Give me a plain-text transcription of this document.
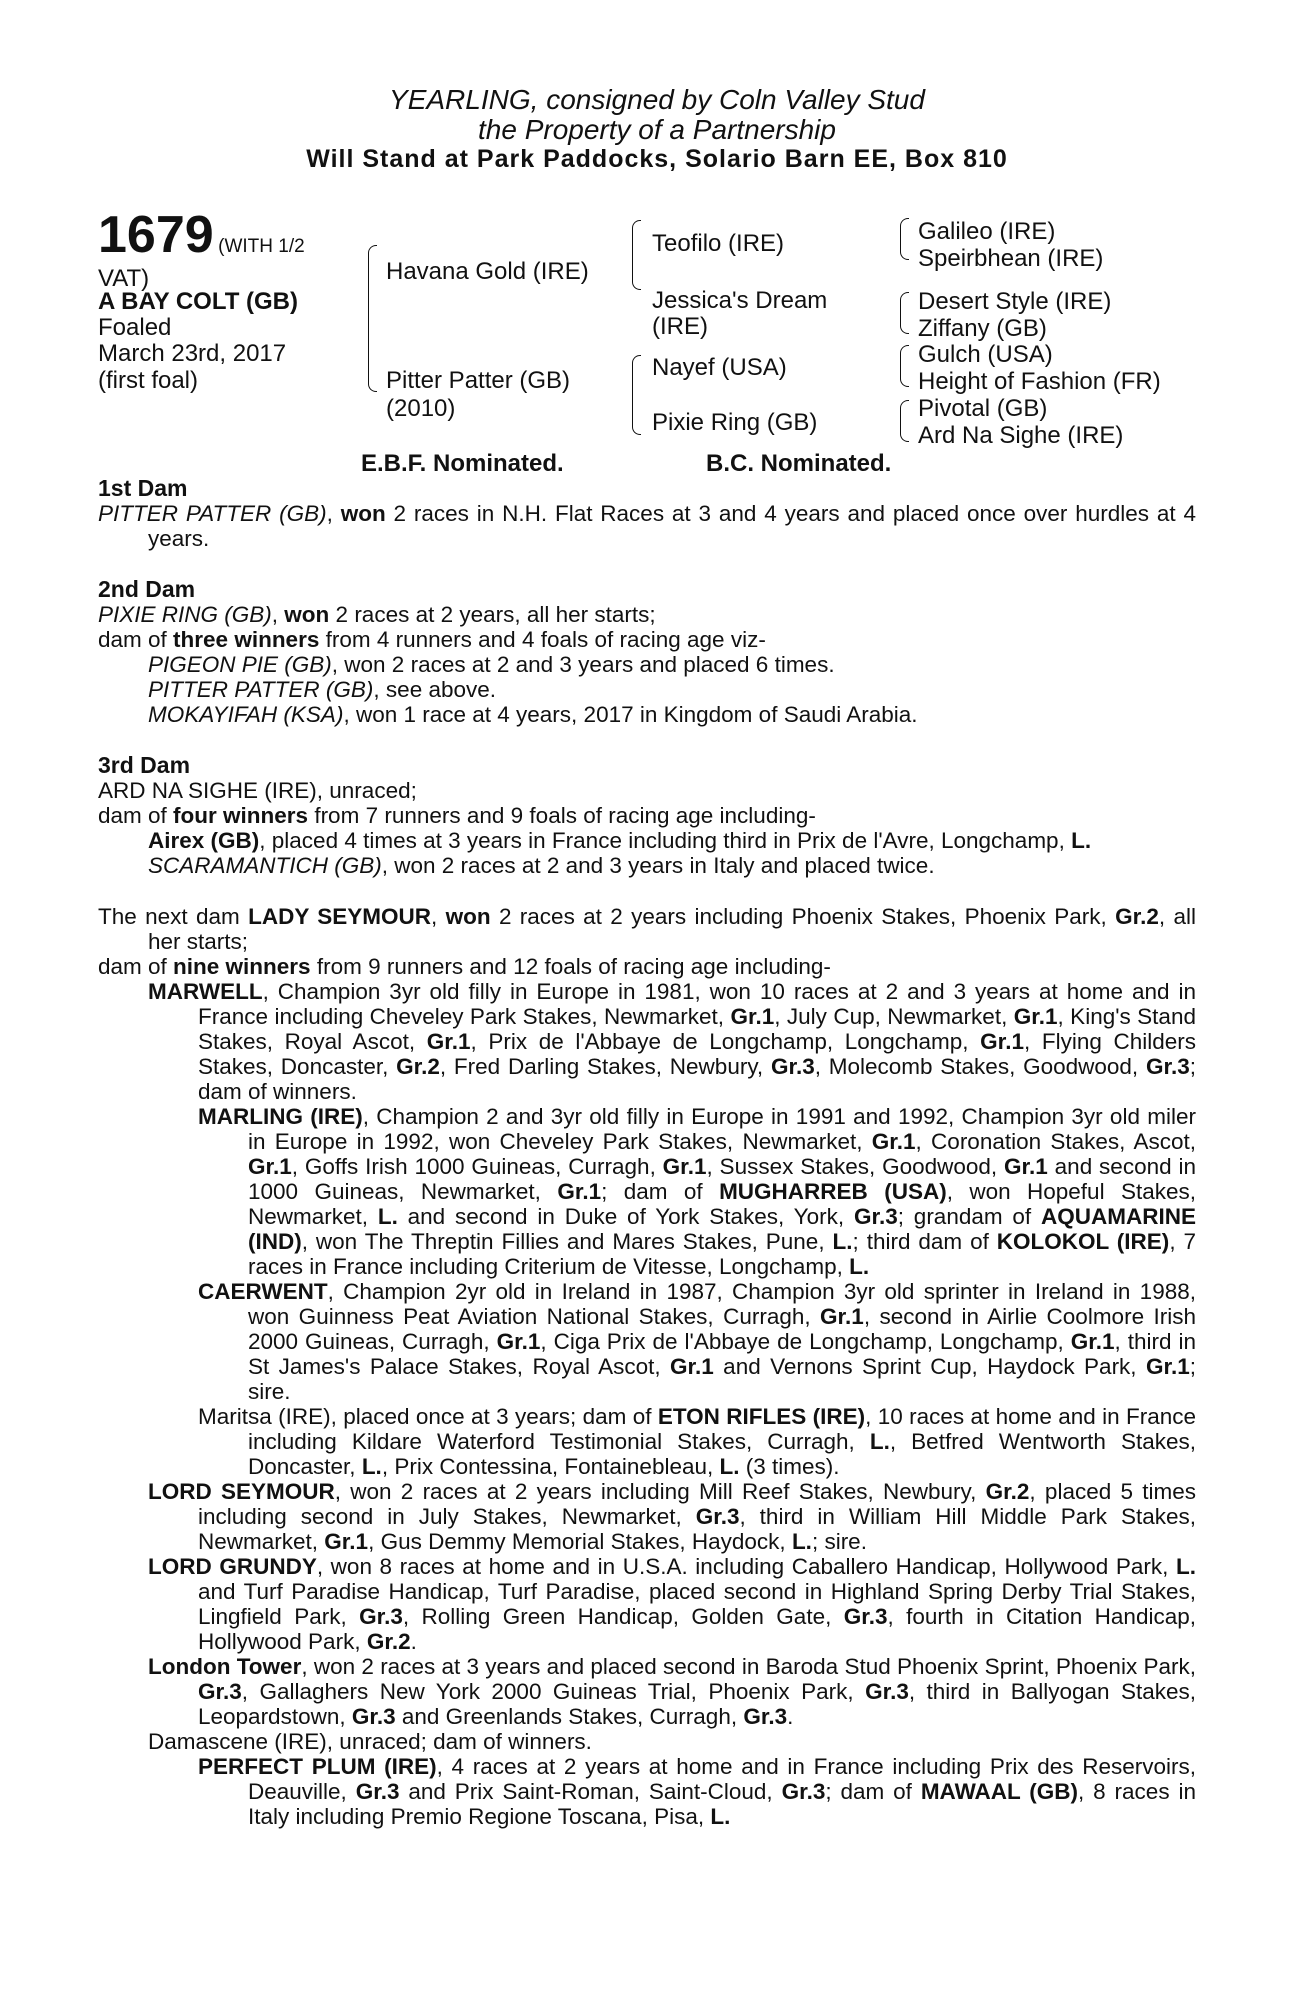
YEARLING, consigned by Coln Valley Stud
the Property of a Partnership
Will Stand at Park Paddocks, Solario Barn EE, Box 810
1679 (WITH 1/2
VAT)
A BAY COLT (GB)
Foaled
March 23rd, 2017
(first foal)
Havana Gold (IRE)
Pitter Patter (GB)
(2010)
Teofilo (IRE)
Jessica's Dream
(IRE)
Nayef (USA)
Pixie Ring (GB)
Galileo (IRE)
Speirbhean (IRE)
Desert Style (IRE)
Ziffany (GB)
Gulch (USA)
Height of Fashion (FR)
Pivotal (GB)
Ard Na Sighe (IRE)
E.B.F. Nominated.	B.C. Nominated.

1st Dam

PITTER PATTER (GB), won 2 races in N.H. Flat Races at 3 and 4 years and placed once over hurdles at 4 years.

2nd Dam

PIXIE RING (GB), won 2 races at 2 years, all her starts;

dam of three winners from 4 runners and 4 foals of racing age viz-

PIGEON PIE (GB), won 2 races at 2 and 3 years and placed 6 times.

PITTER PATTER (GB), see above.

MOKAYIFAH (KSA), won 1 race at 4 years, 2017 in Kingdom of Saudi Arabia.

3rd Dam

ARD NA SIGHE (IRE), unraced;

dam of four winners from 7 runners and 9 foals of racing age including-

Airex (GB), placed 4 times at 3 years in France including third in Prix de l'Avre, Longchamp, L.

SCARAMANTICH (GB), won 2 races at 2 and 3 years in Italy and placed twice.

The next dam LADY SEYMOUR, won 2 races at 2 years including Phoenix Stakes, Phoenix Park, Gr.2, all her starts;

dam of nine winners from 9 runners and 12 foals of racing age including-

MARWELL, Champion 3yr old filly in Europe in 1981, won 10 races at 2 and 3 years at home and in France including Cheveley Park Stakes, Newmarket, Gr.1, July Cup, Newmarket, Gr.1, King's Stand Stakes, Royal Ascot, Gr.1, Prix de l'Abbaye de Longchamp, Longchamp, Gr.1, Flying Childers Stakes, Doncaster, Gr.2, Fred Darling Stakes, Newbury, Gr.3, Molecomb Stakes, Goodwood, Gr.3; dam of winners.

MARLING (IRE), Champion 2 and 3yr old filly in Europe in 1991 and 1992, Champion 3yr old miler in Europe in 1992, won Cheveley Park Stakes, Newmarket, Gr.1, Coronation Stakes, Ascot, Gr.1, Goffs Irish 1000 Guineas, Curragh, Gr.1, Sussex Stakes, Goodwood, Gr.1 and second in 1000 Guineas, Newmarket, Gr.1; dam of MUGHARREB (USA), won Hopeful Stakes, Newmarket, L. and second in Duke of York Stakes, York, Gr.3; grandam of AQUAMARINE (IND), won The Threptin Fillies and Mares Stakes, Pune, L.; third dam of KOLOKOL (IRE), 7 races in France including Criterium de Vitesse, Longchamp, L.

CAERWENT, Champion 2yr old in Ireland in 1987, Champion 3yr old sprinter in Ireland in 1988, won Guinness Peat Aviation National Stakes, Curragh, Gr.1, second in Airlie Coolmore Irish 2000 Guineas, Curragh, Gr.1, Ciga Prix de l'Abbaye de Longchamp, Longchamp, Gr.1, third in St James's Palace Stakes, Royal Ascot, Gr.1 and Vernons Sprint Cup, Haydock Park, Gr.1; sire.

Maritsa (IRE), placed once at 3 years; dam of ETON RIFLES (IRE), 10 races at home and in France including Kildare Waterford Testimonial Stakes, Curragh, L., Betfred Wentworth Stakes, Doncaster, L., Prix Contessina, Fontainebleau, L. (3 times).

LORD SEYMOUR, won 2 races at 2 years including Mill Reef Stakes, Newbury, Gr.2, placed 5 times including second in July Stakes, Newmarket, Gr.3, third in William Hill Middle Park Stakes, Newmarket, Gr.1, Gus Demmy Memorial Stakes, Haydock, L.; sire.

LORD GRUNDY, won 8 races at home and in U.S.A. including Caballero Handicap, Hollywood Park, L. and Turf Paradise Handicap, Turf Paradise, placed second in Highland Spring Derby Trial Stakes, Lingfield Park, Gr.3, Rolling Green Handicap, Golden Gate, Gr.3, fourth in Citation Handicap, Hollywood Park, Gr.2.

London Tower, won 2 races at 3 years and placed second in Baroda Stud Phoenix Sprint, Phoenix Park, Gr.3, Gallaghers New York 2000 Guineas Trial, Phoenix Park, Gr.3, third in Ballyogan Stakes, Leopardstown, Gr.3 and Greenlands Stakes, Curragh, Gr.3.

Damascene (IRE), unraced; dam of winners.

PERFECT PLUM (IRE), 4 races at 2 years at home and in France including Prix des Reservoirs, Deauville, Gr.3 and Prix Saint-Roman, Saint-Cloud, Gr.3; dam of MAWAAL (GB), 8 races in Italy including Premio Regione Toscana, Pisa, L.
